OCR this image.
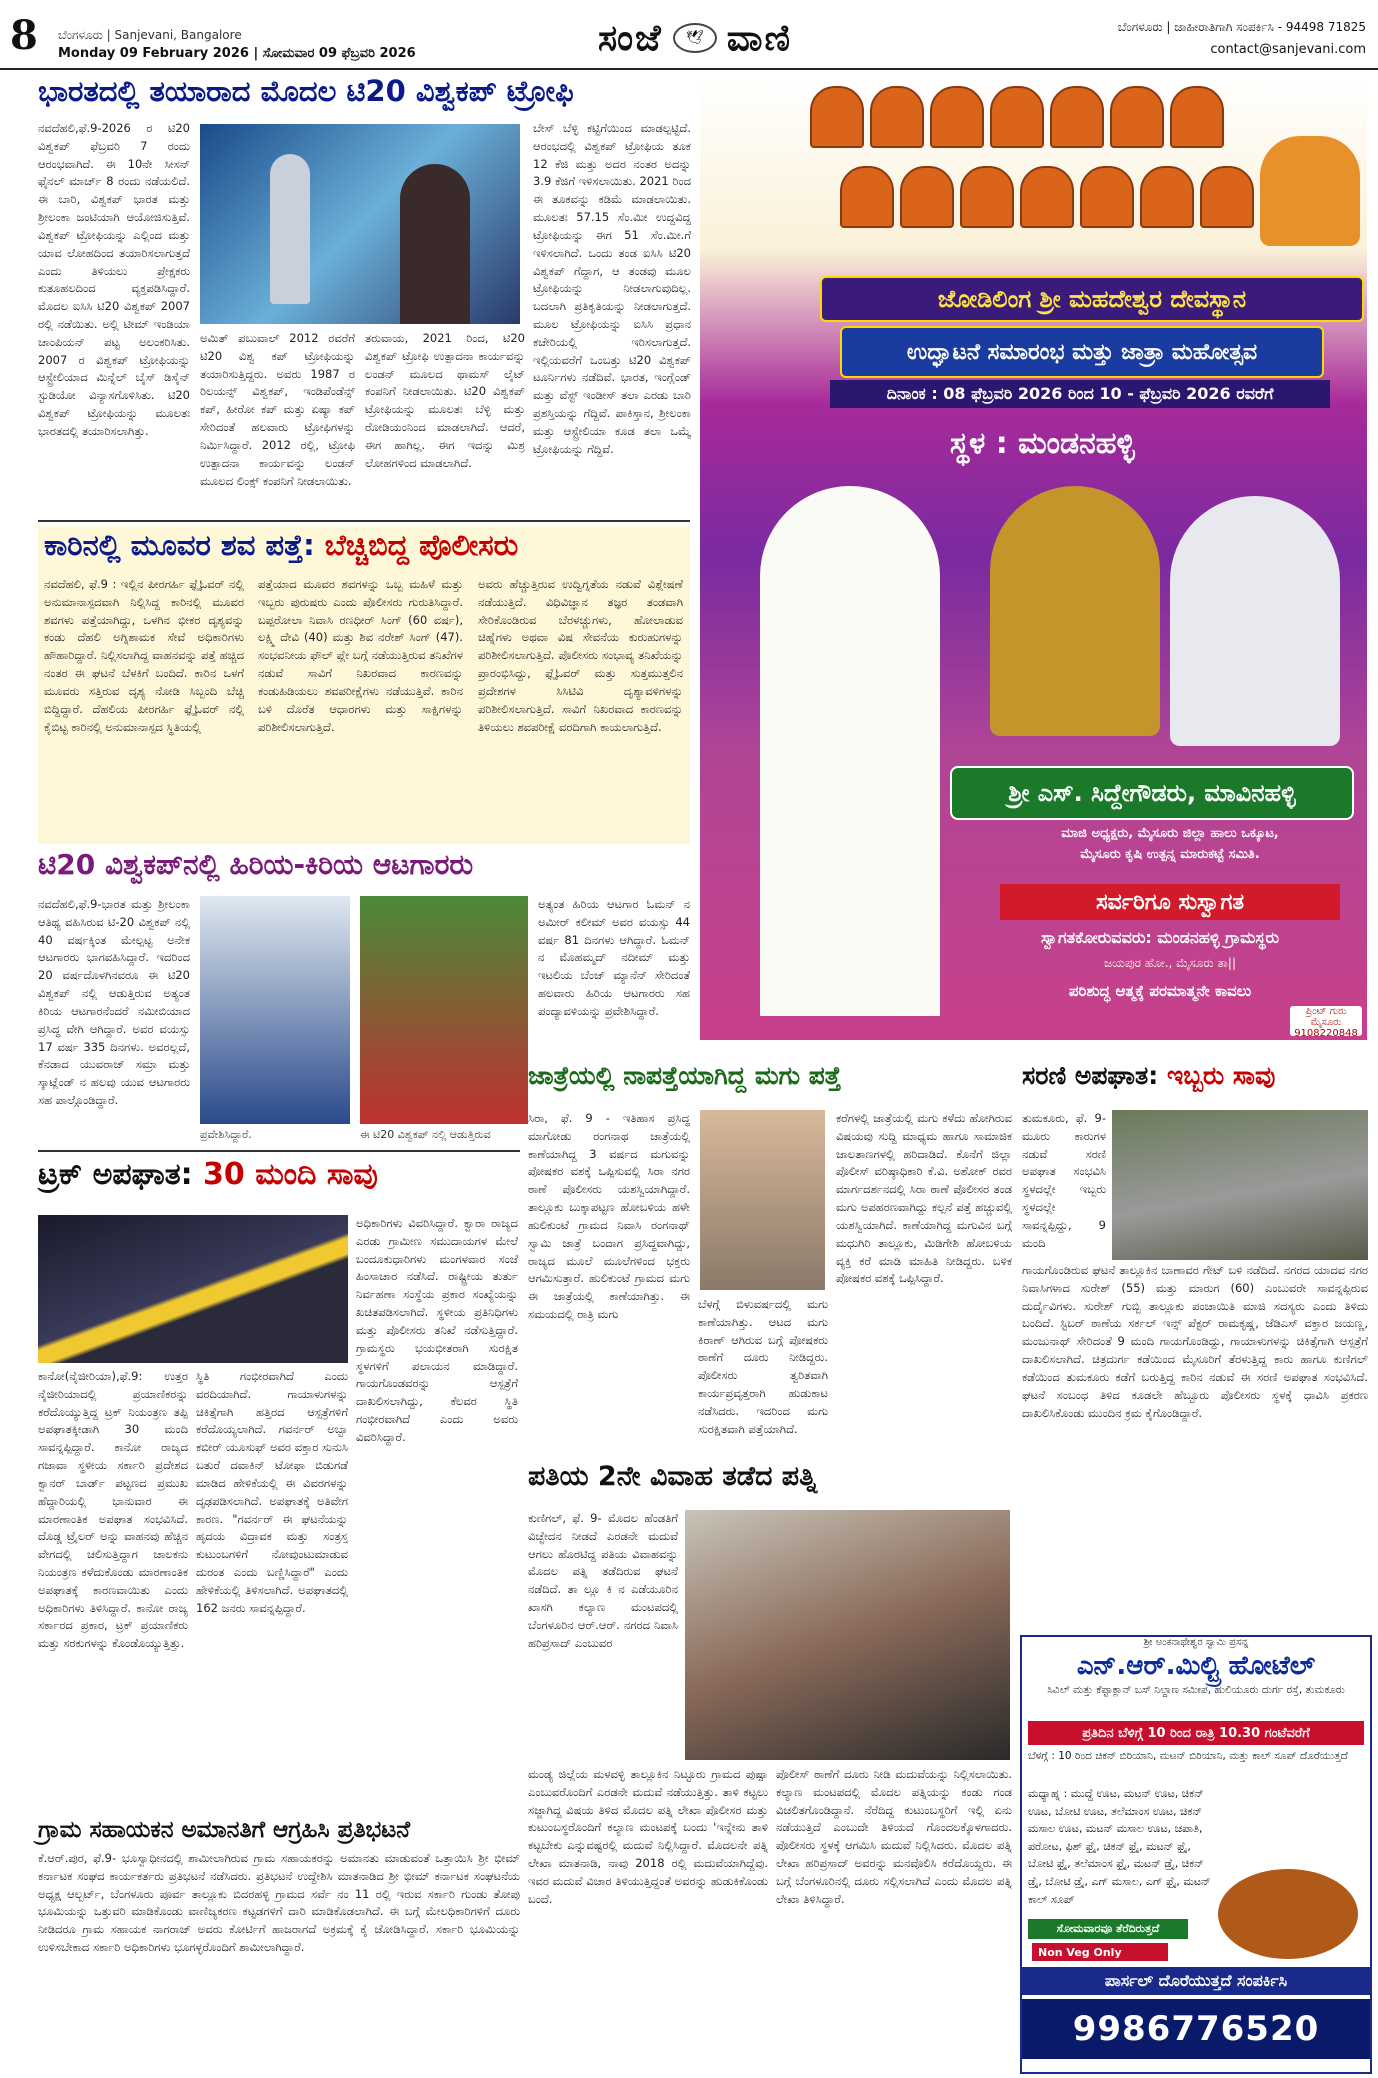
8 ಬೆಂಗಳೂರು | Sanjevani, Bangalore
Monday 09 February 2026 | ಸೋಮವಾರ 09 ಫೆಬ್ರವರಿ 2026	ಸಂಜೆ	🕊 ವಾಣಿ	ಬೆಂಗಳೂರು | ಜಾಹೀರಾತಿಗಾಗಿ ಸಂಪರ್ಕಿಸಿ - 94498 71825
contact@sanjevani.com
ಭಾರತದಲ್ಲಿ ತಯಾರಾದ ಮೊದಲ ಟಿ20 ವಿಶ್ವಕಪ್ ಟ್ರೋಫಿ
ನವದೆಹಲಿ,ಫೆ.9-2026 ರ ಟಿ20 ವಿಶ್ವಕಪ್ ಫೆಬ್ರವರಿ 7 ರಂದು ಆರಂಭವಾಗಿದೆ. ಈ 10ನೇ ಸೀಸನ್ ಫೈನಲ್ ಮಾರ್ಚ್ 8 ರಂದು ನಡೆಯಲಿದೆ. ಈ ಬಾರಿ, ವಿಶ್ವಕಪ್ ಭಾರತ ಮತ್ತು ಶ್ರೀಲಂಕಾ ಜಂಟಿಯಾಗಿ ಆಯೋಜಿಸುತ್ತಿವೆ. ವಿಶ್ವಕಪ್ ಟ್ರೋಫಿಯನ್ನು ಎಲ್ಲಿಂದ ಮತ್ತು ಯಾವ ಲೋಹದಿಂದ ತಯಾರಿಸಲಾಗುತ್ತದೆ ಎಂದು ತಿಳಿಯಲು ಪ್ರೇಕ್ಷಕರು ಕುತೂಹಲದಿಂದ ವ್ಯಕ್ತಪಡಿಸಿದ್ದಾರೆ. ಮೊದಲ ಐಸಿಸಿ ಟಿ20 ವಿಶ್ವಕಪ್ 2007 ರಲ್ಲಿ ನಡೆಯಿತು. ಅಲ್ಲಿ ಟೀಮ್ ಇಂಡಿಯಾ ಚಾಂಪಿಯನ್ ಪಟ್ಟ ಅಲಂಕರಿಸಿತು. 2007 ರ ವಿಶ್ವಕಪ್ ಟ್ರೋಫಿಯನ್ನು ಆಸ್ಟ್ರೇಲಿಯಾದ ಮಿನ್ನೆಲ್ ಬೈಸ್ ಡಿಸೈನ್ ಸ್ಟುಡಿಯೋ ವಿನ್ಯಾಸಗೊಳಿಸಿತು. ಟಿ20 ವಿಶ್ವಕಪ್ ಟ್ರೋಫಿಯನ್ನು ಮೂಲತಃ ಭಾರತದಲ್ಲಿ ತಯಾರಿಸಲಾಗಿತ್ತು.
ಅಮಿತ್ ಪಬುವಾಲ್ 2012 ರವರೆಗೆ ಟಿ20 ವಿಶ್ವ ಕಪ್ ಟ್ರೋಫಿಯನ್ನು ತಯಾರಿಸುತ್ತಿದ್ದರು. ಅವರು 1987 ರ ರಿಲಯನ್ಸ್ ವಿಶ್ವಕಪ್, ಇಂಡಿಪೆಂಡೆನ್ಸ್ ಕಪ್, ಹೀರೋ ಕಪ್ ಮತ್ತು ಏಷ್ಯಾ ಕಪ್ ಸೇರಿದಂತೆ ಹಲವಾರು ಟ್ರೋಫಿಗಳನ್ನು ನಿರ್ಮಿಸಿದ್ದಾರೆ. 2012 ರಲ್ಲಿ, ಟ್ರೋಫಿ ಉತ್ಪಾದನಾ ಕಾರ್ಯವನ್ನು ಲಂಡನ್ ಮೂಲದ ಲಿಂಕ್ಸ್ ಕಂಪನಿಗೆ ನೀಡಲಾಯಿತು.
ತರುವಾಯ, 2021 ರಿಂದ, ಟಿ20 ವಿಶ್ವಕಪ್ ಟ್ರೋಫಿ ಉತ್ಪಾದನಾ ಕಾರ್ಯವನ್ನು ಲಂಡನ್ ಮೂಲದ ಥಾಮಸ್ ಲೈಟ್ ಕಂಪನಿಗೆ ನೀಡಲಾಯಿತು. ಟಿ20 ವಿಶ್ವಕಪ್ ಟ್ರೋಫಿಯನ್ನು ಮೂಲತಃ ಬೆಳ್ಳಿ ಮತ್ತು ರೋಡಿಯಂನಿಂದ ಮಾಡಲಾಗಿದೆ. ಆದರೆ, ಈಗ ಹಾಗಿಲ್ಲ. ಈಗ ಇದನ್ನು ಮಿಶ್ರ ಲೋಹಗಳಿಂದ ಮಾಡಲಾಗಿದೆ.
ಬೇಸ್ ಬೆಳ್ಳಿ ಕಟ್ಟಿಗೆಯಿಂದ ಮಾಡಲ್ಪಟ್ಟಿದೆ. ಆರಂಭದಲ್ಲಿ ವಿಶ್ವಕಪ್ ಟ್ರೋಫಿಯ ತೂಕ 12 ಕೆಜಿ ಮತ್ತು ಅದರ ನಂತರ ಅದನ್ನು 3.9 ಕೆಜಿಗೆ ಇಳಿಸಲಾಯಿತು. 2021 ರಿಂದ ಈ ತೂಕವನ್ನು ಕಡಿಮೆ ಮಾಡಲಾಯಿತು. ಮೂಲತಃ 57.15 ಸೆಂ.ಮೀ ಉದ್ದವಿದ್ದ ಟ್ರೋಫಿಯನ್ನು ಈಗ 51 ಸೆಂ.ಮೀ.ಗೆ ಇಳಿಸಲಾಗಿದೆ. ಒಂದು ತಂಡ ಐಸಿಸಿ ಟಿ20 ವಿಶ್ವಕಪ್ ಗೆದ್ದಾಗ, ಆ ತಂಡವು ಮೂಲ ಟ್ರೋಫಿಯನ್ನು ನೀಡಲಾಗುವುದಿಲ್ಲ. ಬದಲಾಗಿ ಪ್ರತಿಕೃತಿಯನ್ನು ನೀಡಲಾಗುತ್ತದೆ. ಮೂಲ ಟ್ರೋಫಿಯನ್ನು ಐಸಿಸಿ ಪ್ರಧಾನ ಕಚೇರಿಯಲ್ಲಿ ಇರಿಸಲಾಗುತ್ತದೆ. ಇಲ್ಲಿಯವರೆಗೆ ಒಂಬತ್ತು ಟಿ20 ವಿಶ್ವಕಪ್ ಟೂರ್ನಿಗಳು ನಡೆದಿವೆ. ಭಾರತ, ಇಂಗ್ಲೆಂಡ್ ಮತ್ತು ವೆಸ್ಟ್ ಇಂಡೀಸ್ ತಲಾ ಎರಡು ಬಾರಿ ಪ್ರಶಸ್ತಿಯನ್ನು ಗೆದ್ದಿವೆ. ಪಾಕಿಸ್ತಾನ, ಶ್ರೀಲಂಕಾ ಮತ್ತು ಆಸ್ಟ್ರೇಲಿಯಾ ಕೂಡ ತಲಾ ಒಮ್ಮೆ ಟ್ರೋಫಿಯನ್ನು ಗೆದ್ದಿವೆ.
ಕಾರಿನಲ್ಲಿ ಮೂವರ ಶವ ಪತ್ತೆ: ಬೆಚ್ಚಿಬಿದ್ದ ಪೊಲೀಸರು
ನವದೆಹಲಿ, ಫೆ.9 : ಇಲ್ಲಿನ ಪೀರಗರ್ಹಿ ಫ್ಲೈಓವರ್ ನಲ್ಲಿ ಅನುಮಾನಾಸ್ಪದವಾಗಿ ನಿಲ್ಲಿಸಿದ್ದ ಕಾರಿನಲ್ಲಿ ಮೂವರ ಶವಗಳು ಪತ್ತೆಯಾಗಿದ್ದು, ಒಳಗಿನ ಭೀಕರ ದೃಶ್ಯವನ್ನು ಕಂಡು ದೆಹಲಿ ಅಗ್ನಿಶಾಮಕ ಸೇವೆ ಅಧಿಕಾರಿಗಳು ಹೌಹಾರಿದ್ದಾರೆ. ನಿಲ್ಲಿಸಲಾಗಿದ್ದ ವಾಹನವನ್ನು ಪತ್ತೆ ಹಚ್ಚಿದ ನಂತರ ಈ ಘಟನೆ ಬೆಳಕಿಗೆ ಬಂದಿದೆ. ಕಾರಿನ ಒಳಗೆ ಮೂವರು ಸತ್ತಿರುವ ದೃಶ್ಯ ನೋಡಿ ಸಿಬ್ಬಂದಿ ಬೆಚ್ಚಿ ಬಿದ್ದಿದ್ದಾರೆ. ದೆಹಲಿಯ ಪೀರಗರ್ಹಿ ಫ್ಲೈಓವರ್ ನಲ್ಲಿ ಕೈಬಿಟ್ಟ ಕಾರಿನಲ್ಲಿ ಅನುಮಾನಾಸ್ಪದ ಸ್ಥಿತಿಯಲ್ಲಿ
ಪತ್ತೆಯಾದ ಮೂವರ ಶವಗಳನ್ನು ಒಬ್ಬ ಮಹಿಳೆ ಮತ್ತು ಇಬ್ಬರು ಪುರುಷರು ಎಂದು ಪೊಲೀಸರು ಗುರುತಿಸಿದ್ದಾರೆ. ಬಪ್ಪರೋಲಾ ನಿವಾಸಿ ರಣಧೀರ್ ಸಿಂಗ್ (60 ವರ್ಷ), ಲಕ್ಷ್ಮಿ ದೇವಿ (40) ಮತ್ತು ಶಿವ ನರೇಶ್ ಸಿಂಗ್ (47). ಸಂಭವನೀಯ ಫೌಲ್ ಪ್ಲೇ ಬಗ್ಗೆ ನಡೆಯುತ್ತಿರುವ ತನಿಖೆಗಳ ನಡುವೆ ಸಾವಿಗೆ ನಿಖರವಾದ ಕಾರಣವನ್ನು ಕಂಡುಹಿಡಿಯಲು ಶವಪರೀಕ್ಷೆಗಳು ನಡೆಯುತ್ತಿವೆ. ಕಾರಿನ ಬಳಿ ದೊರೆತ ಆಧಾರಗಳು ಮತ್ತು ಸಾಕ್ಷಿಗಳನ್ನು ಪರಿಶೀಲಿಸಲಾಗುತ್ತಿದೆ.
ಅವರು ಹೆಚ್ಚುತ್ತಿರುವ ಉದ್ವಿಗ್ನತೆಯ ನಡುವೆ ವಿಶ್ಲೇಷಣೆ ನಡೆಯುತ್ತಿದೆ. ವಿಧಿವಿಜ್ಞಾನ ತಜ್ಞರ ತಂಡವಾಗಿ ಸೇರಿಕೊಂಡಿರುವ ಬೆರಳಚ್ಚುಗಳು, ಹೋಲಾಡುವ ಚಿಹ್ನೆಗಳು ಅಥವಾ ವಿಷ ಸೇವನೆಯ ಕುರುಹುಗಳನ್ನು ಪರಿಶೀಲಿಸಲಾಗುತ್ತಿದೆ. ಪೊಲೀಸರು ಸಂಭಾವ್ಯ ತನಿಖೆಯನ್ನು ಪ್ರಾರಂಭಿಸಿದ್ದು, ಫ್ಲೈಓವರ್ ಮತ್ತು ಸುತ್ತಮುತ್ತಲಿನ ಪ್ರದೇಶಗಳ ಸಿಸಿಟಿವಿ ದೃಶ್ಯಾವಳಿಗಳನ್ನು ಪರಿಶೀಲಿಸಲಾಗುತ್ತಿದೆ. ಸಾವಿಗೆ ನಿಖರವಾದ ಕಾರಣವನ್ನು ತಿಳಿಯಲು ಶವಪರೀಕ್ಷೆ ವರದಿಗಾಗಿ ಕಾಯಲಾಗುತ್ತಿದೆ.
ಟಿ20 ವಿಶ್ವಕಪ್‌ನಲ್ಲಿ ಹಿರಿಯ-ಕಿರಿಯ ಆಟಗಾರರು
ನವದೆಹಲಿ,ಫೆ.9-ಭಾರತ ಮತ್ತು ಶ್ರೀಲಂಕಾ ಆತಿಥ್ಯ ವಹಿಸಿರುವ ಟಿ-20 ವಿಶ್ವಕಪ್ ನಲ್ಲಿ 40 ವರ್ಷಕ್ಕಿಂತ ಮೇಲ್ಪಟ್ಟ ಅನೇಕ ಆಟಗಾರರು ಭಾಗವಹಿಸಿದ್ದಾರೆ. ಇದರಿಂದ 20 ವರ್ಷದೊಳಗಿನವರೂ ಈ ಟಿ20 ವಿಶ್ವಕಪ್ ನಲ್ಲಿ ಆಡುತ್ತಿರುವ ಅತ್ಯಂತ ಕಿರಿಯ ಆಟಗಾರನೆಂದರೆ ನಮೀಬಿಯಾದ ಪ್ರಸಿದ್ಧ ವೇಗಿ ಆಗಿದ್ದಾರೆ. ಅವರ ವಯಸ್ಸು 17 ವರ್ಷ 335 ದಿನಗಳು. ಅವರಲ್ಲದೆ, ಕೆನಡಾದ ಯುವರಾಜ್ ಸಮ್ರಾ ಮತ್ತು ಸ್ಕಾಟ್ಲೆಂಡ್ ನ ಹಲವು ಯುವ ಆಟಗಾರರು ಸಹ ಪಾಲ್ಗೊಂಡಿದ್ದಾರೆ.
ಪ್ರವೇಶಿಸಿದ್ದಾರೆ.	ಈ ಟಿ20 ವಿಶ್ವಕಪ್ ನಲ್ಲಿ ಆಡುತ್ತಿರುವ
ಅತ್ಯಂತ ಹಿರಿಯ ಆಟಗಾರ ಓಮನ್ ನ ಅಮೀರ್ ಕಲೀಮ್ ಅವರ ವಯಸ್ಸು 44 ವರ್ಷ 81 ದಿನಗಳು ಆಗಿದ್ದಾರೆ. ಓಮನ್ ನ ಮೊಹಮ್ಮದ್ ನದೀಮ್ ಮತ್ತು ಇಟಲಿಯ ಬೆಂಜ್ ಮ್ಯಾನೆನ್ ಸೇರಿದಂತೆ ಹಲವಾರು ಹಿರಿಯ ಆಟಗಾರರು ಸಹ ಪಂದ್ಯಾವಳಿಯನ್ನು ಪ್ರವೇಶಿಸಿದ್ದಾರೆ.
ಟ್ರಕ್ ಅಪಘಾತ: 30 ಮಂದಿ ಸಾವು
ಕಾನೋ(ನೈಜೀರಿಯಾ),ಫೆ.9: ಉತ್ತರ ನೈಜೀರಿಯಾದಲ್ಲಿ ಪ್ರಯಾಣಿಕರನ್ನು ಕರೆದೊಯ್ಯುತ್ತಿದ್ದ ಟ್ರಕ್ ನಿಯಂತ್ರಣ ತಪ್ಪಿ ಅಪಘಾತಕ್ಕೀಡಾಗಿ 30 ಮಂದಿ ಸಾವನ್ನಪ್ಪಿದ್ದಾರೆ. ಕಾನೋ ರಾಜ್ಯದ ಗಜಾವಾ ಸ್ಥಳೀಯ ಸರ್ಕಾರಿ ಪ್ರದೇಶದ ಕ್ವಾನರ್ ಬಾರ್ಡ್ ಪಟ್ಟಣದ ಪ್ರಮುಖ ಹೆದ್ದಾರಿಯಲ್ಲಿ ಭಾನುವಾರ ಈ ಮಾರಣಾಂತಿಕ ಅಪಘಾತ ಸಂಭವಿಸಿದೆ. ದೊಡ್ಡ ಟ್ರೈಲರ್ ಅನ್ನು ವಾಹನವು ಹೆಚ್ಚಿನ ವೇಗದಲ್ಲಿ ಚಲಿಸುತ್ತಿದ್ದಾಗ ಚಾಲಕನು ನಿಯಂತ್ರಣ ಕಳೆದುಕೊಂಡು ಮಾರಣಾಂತಿಕ ಅಪಘಾತಕ್ಕೆ ಕಾರಣವಾಯಿತು ಎಂದು ಅಧಿಕಾರಿಗಳು ತಿಳಿಸಿದ್ದಾರೆ. ಕಾನೋ ರಾಜ್ಯ ಸರ್ಕಾರದ ಪ್ರಕಾರ, ಟ್ರಕ್ ಪ್ರಯಾಣಿಕರು ಮತ್ತು ಸರಕುಗಳನ್ನು ಕೊಂಡೊಯ್ಯುತ್ತಿತ್ತು.
ಸ್ಥಿತಿ ಗಂಭೀರವಾಗಿದೆ ಎಂದು ವರದಿಯಾಗಿದೆ. ಗಾಯಾಳುಗಳನ್ನು ಚಿಕಿತ್ಸೆಗಾಗಿ ಹತ್ತಿರದ ಆಸ್ಪತ್ರೆಗಳಿಗೆ ಕರೆದೊಯ್ಯಲಾಗಿದೆ. ಗವರ್ನರ್ ಅಬ್ಬಾ ಕಬೀರ್ ಯೂಸುಫ್ ಅವರ ವಕ್ತಾರ ಸುನುಸಿ ಬತುರೆ ದವಾಕಿನ್ ಟೋಫಾ ಬಿಡುಗಡೆ ಮಾಡಿದ ಹೇಳಿಕೆಯಲ್ಲಿ ಈ ವಿವರಗಳನ್ನು ದೃಢಪಡಿಸಲಾಗಿದೆ. ಅಪಘಾತಕ್ಕೆ ಅತಿವೇಗ ಕಾರಣ. "ಗವರ್ನರ್ ಈ ಘಟನೆಯನ್ನು ಹೃದಯ ವಿದ್ರಾವಕ ಮತ್ತು ಸಂತ್ರಸ್ತ ಕುಟುಂಬಗಳಿಗೆ ನೋವುಂಟುಮಾಡುವ ದುರಂತ ಎಂದು ಬಣ್ಣಿಸಿದ್ದಾರೆ" ಎಂದು ಹೇಳಿಕೆಯಲ್ಲಿ ತಿಳಿಸಲಾಗಿದೆ. ಅಪಘಾತದಲ್ಲಿ 162 ಜನರು ಸಾವನ್ನಪ್ಪಿದ್ದಾರೆ.
ಅಧಿಕಾರಿಗಳು ವಿವರಿಸಿದ್ದಾರೆ. ಕ್ವಾರಾ ರಾಜ್ಯದ ಎರಡು ಗ್ರಾಮೀಣ ಸಮುದಾಯಗಳ ಮೇಲೆ ಬಂದೂಕುಧಾರಿಗಳು ಮಂಗಳವಾರ ಸಂಜೆ ಹಿಂಸಾಚಾರ ನಡೆಸಿದೆ. ರಾಷ್ಟ್ರೀಯ ತುರ್ತು ನಿರ್ವಹಣಾ ಸಂಸ್ಥೆಯ ಪ್ರಕಾರ ಸಂಖ್ಯೆಯನ್ನು ಖಚಿತಪಡಿಸಲಾಗಿದೆ. ಸ್ಥಳೀಯ ಪ್ರತಿನಿಧಿಗಳು ಮತ್ತು ಪೊಲೀಸರು ತನಿಖೆ ನಡೆಸುತ್ತಿದ್ದಾರೆ. ಗ್ರಾಮಸ್ಥರು ಭಯಭೀತರಾಗಿ ಸುರಕ್ಷಿತ ಸ್ಥಳಗಳಿಗೆ ಪಲಾಯನ ಮಾಡಿದ್ದಾರೆ. ಗಾಯಗೊಂಡವರನ್ನು ಆಸ್ಪತ್ರೆಗೆ ದಾಖಲಿಸಲಾಗಿದ್ದು, ಕೆಲವರ ಸ್ಥಿತಿ ಗಂಭೀರವಾಗಿದೆ ಎಂದು ಅವರು ವಿವರಿಸಿದ್ದಾರೆ.
ಗ್ರಾಮ ಸಹಾಯಕನ ಅಮಾನತಿಗೆ ಆಗ್ರಹಿಸಿ ಪ್ರತಿಭಟನೆ
ಕೆ.ಆರ್.ಪುರ, ಫೆ.9- ಭೂಸ್ವಾಧೀನದಲ್ಲಿ ಶಾಮೀಲಾಗಿರುವ ಗ್ರಾಮ ಸಹಾಯಕರನ್ನು ಅಮಾನತು ಮಾಡುವಂತೆ ಒತ್ತಾಯಿಸಿ ಶ್ರೀ ಭೀಮ್ ಕರ್ನಾಟಕ ಸಂಘದ ಕಾರ್ಯಕರ್ತರು ಪ್ರತಿಭಟನೆ ನಡೆಸಿದರು. ಪ್ರತಿಭಟನೆ ಉದ್ದೇಶಿಸಿ ಮಾತನಾಡಿದ ಶ್ರೀ ಭೀಮ್ ಕರ್ನಾಟಕ ಸಂಘಟನೆಯ ಅಧ್ಯಕ್ಷ ಆಲ್ಬರ್ಟ್, ಬೆಂಗಳೂರು ಪೂರ್ವ ತಾಲ್ಲೂಕು ಬಿದರಹಳ್ಳಿ ಗ್ರಾಮದ ಸರ್ವೆ ನಂ 11 ರಲ್ಲಿ ಇರುವ ಸರ್ಕಾರಿ ಗುಂಡು ತೋಪು ಭೂಮಿಯನ್ನು ಒತ್ತುವರಿ ಮಾಡಿಕೊಂಡು ವಾಣಿಜ್ಯಕರಣ ಕಟ್ಟಡಗಳಿಗೆ ದಾರಿ ಮಾಡಿಕೊಡಲಾಗಿದೆ. ಈ ಬಗ್ಗೆ ಮೇಲಧಿಕಾರಿಗಳಿಗೆ ದೂರು ನೀಡಿದರೂ ಗ್ರಾಮ ಸಹಾಯಕ ನಾಗರಾಜ್ ಅವರು ಕೋರ್ಟಿಗೆ ಹಾಜರಾಗದೆ ಅಕ್ರಮಕ್ಕೆ ಕೈ ಜೋಡಿಸಿದ್ದಾರೆ. ಸರ್ಕಾರಿ ಭೂಮಿಯನ್ನು ಉಳಿಸಬೇಕಾದ ಸರ್ಕಾರಿ ಅಧಿಕಾರಿಗಳು ಭೂಗಳ್ಳರೊಂದಿಗೆ ಶಾಮೀಲಾಗಿದ್ದಾರೆ.
ಜೋಡಿಲಿಂಗ ಶ್ರೀ ಮಹದೇಶ್ವರ ದೇವಸ್ಥಾನ
ಉದ್ಘಾಟನೆ ಸಮಾರಂಭ ಮತ್ತು ಜಾತ್ರಾ ಮಹೋತ್ಸವ
ದಿನಾಂಕ : 08 ಫೆಬ್ರವರಿ 2026 ರಿಂದ 10 - ಫೆಬ್ರವರಿ 2026 ರವರೆಗೆ
ಸ್ಥಳ : ಮಂಡನಹಳ್ಳಿ
ಶ್ರೀ ಎಸ್. ಸಿದ್ದೇಗೌಡರು, ಮಾವಿನಹಳ್ಳಿ
ಮಾಜಿ ಅಧ್ಯಕ್ಷರು, ಮೈಸೂರು ಜಿಲ್ಲಾ ಹಾಲು ಒಕ್ಕೂಟ,
ಮೈಸೂರು ಕೃಷಿ ಉತ್ಪನ್ನ ಮಾರುಕಟ್ಟೆ ಸಮಿತಿ.
ಸರ್ವರಿಗೂ ಸುಸ್ವಾಗತ
ಸ್ವಾಗತಕೋರುವವರು: ಮಂಡನಹಳ್ಳಿ ಗ್ರಾಮಸ್ಥರು
ಜಯಪುರ ಹೋ., ಮೈಸೂರು ತಾ||
ಪರಿಶುದ್ಧ ಆತ್ಮಕ್ಕೆ ಪರಮಾತ್ಮನೇ ಕಾವಲು
ಪ್ರಿಂಟ್ ಗುರು ಮೈಸೂರು 9108220848
ಜಾತ್ರೆಯಲ್ಲಿ ನಾಪತ್ತೆಯಾಗಿದ್ದ ಮಗು ಪತ್ತೆ
ಸಿರಾ, ಫೆ. 9 - ಇತಿಹಾಸ ಪ್ರಸಿದ್ಧ ಮಾಗೋಡು ರಂಗನಾಥ ಜಾತ್ರೆಯಲ್ಲಿ ಕಾಣೆಯಾಗಿದ್ದ 3 ವರ್ಷದ ಮಗುವನ್ನು ಪೋಷಕರ ವಶಕ್ಕೆ ಒಪ್ಪಿಸುವಲ್ಲಿ ಸಿರಾ ನಗರ ಠಾಣೆ ಪೊಲೀಸರು ಯಶಸ್ವಿಯಾಗಿದ್ದಾರೆ. ತಾಲ್ಲೂಕು ಬುಕ್ಕಾಪಟ್ಟಣ ಹೋಬಳಿಯ ಹಳೇ ಹುಲಿಕುಂಟೆ ಗ್ರಾಮದ ನಿವಾಸಿ ರಂಗನಾಥ್ ಸ್ವಾಮಿ ಜಾತ್ರೆ ಬಂದಾಗ ಪ್ರಸಿದ್ಧವಾಗಿದ್ದು, ರಾಜ್ಯದ ಮೂಲೆ ಮೂಲೆಗಳಿಂದ ಭಕ್ತರು ಆಗಮಿಸುತ್ತಾರೆ. ಹುಲಿಕುಂಟೆ ಗ್ರಾಮದ ಮಗು ಈ ಜಾತ್ರೆಯಲ್ಲಿ ಕಾಣೆಯಾಗಿತ್ತು. ಈ ಸಮಯದಲ್ಲಿ ರಾತ್ರಿ ಮಗು
ಬೆಳಗ್ಗೆ ಬಿಳುವರ್ಷದಲ್ಲಿ ಮಗು ಕಾಣೆಯಾಗಿತ್ತು. ಆಟದ ಮಗು ಕಿರಾಣ್ ಆಗಿರುವ ಬಗ್ಗೆ ಪೋಷಕರು ಠಾಣೆಗೆ ದೂರು ನೀಡಿದ್ದರು. ಪೊಲೀಸರು ತ್ವರಿತವಾಗಿ ಕಾರ್ಯಪ್ರವೃತ್ತರಾಗಿ ಹುಡುಕಾಟ ನಡೆಸಿದರು. ಇದರಿಂದ ಮಗು ಸುರಕ್ಷಿತವಾಗಿ ಪತ್ತೆಯಾಗಿದೆ.
ಕರೆಗಳಲ್ಲಿ ಜಾತ್ರೆಯಲ್ಲಿ ಮಗು ಕಳೆದು ಹೋಗಿರುವ ವಿಷಯವು ಸುದ್ದಿ ಮಾಧ್ಯಮ ಹಾಗೂ ಸಾಮಾಜಿಕ ಜಾಲತಾಣಗಳಲ್ಲಿ ಹರಿದಾಡಿದೆ. ಕೊನೆಗೆ ಜಿಲ್ಲಾ ಪೊಲೀಸ್ ವರಿಷ್ಠಾಧಿಕಾರಿ ಕೆ.ವಿ. ಅಶೋಕ್ ರವರ ಮಾರ್ಗದರ್ಶನದಲ್ಲಿ ಸಿರಾ ಠಾಣೆ ಪೊಲೀಸರ ತಂಡ ಮಗು ಅಪಹರಣವಾಗಿದ್ದು ಕಲ್ಪನೆ ಪತ್ತೆ ಹಚ್ಚುವಲ್ಲಿ ಯಶಸ್ವಿಯಾಗಿದೆ. ಕಾಣೆಯಾಗಿದ್ದ ಮಗುವಿನ ಬಗ್ಗೆ ಮಧುಗಿರಿ ತಾಲ್ಲೂಕು, ಮಿಡಿಗೇಶಿ ಹೋಬಳಿಯ ವ್ಯಕ್ತಿ ಕರೆ ಮಾಡಿ ಮಾಹಿತಿ ನೀಡಿದ್ದರು. ಬಳಿಕ ಪೋಷಕರ ವಶಕ್ಕೆ ಒಪ್ಪಿಸಿದ್ದಾರೆ.
ಪತಿಯ 2ನೇ ವಿವಾಹ ತಡೆದ ಪತ್ನಿ
ಕುಣಿಗಲ್, ಫೆ. 9- ಮೊದಲ ಹೆಂಡತಿಗೆ ವಿಚ್ಛೇದನ ನೀಡದೆ ಎರಡನೇ ಮದುವೆ ಆಗಲು ಹೊರಟಿದ್ದ ಪತಿಯ ವಿವಾಹವನ್ನು ಮೊದಲ ಪತ್ನಿ ತಡೆದಿರುವ ಘಟನೆ ನಡೆದಿದೆ. ತಾ ಲ್ಲೂ ಕಿ ನ ಎಡೆಯೂರಿನ ಖಾಸಗಿ ಕಲ್ಯಾಣ ಮಂಟಪದಲ್ಲಿ ಬೆಂಗಳೂರಿನ ಆರ್.ಆರ್. ನಗರದ ನಿವಾಸಿ ಹರಿಪ್ರಸಾದ್ ಎಂಬುವರ
ಮಂಡ್ಯ ಜಿಲ್ಲೆಯ ಮಳವಳ್ಳಿ ತಾಲ್ಲೂಕಿನ ನಿಟ್ಟೂರು ಗ್ರಾಮದ ಪುಷ್ಪಾ ಎಂಬುವರೊಂದಿಗೆ ಎರಡನೇ ಮದುವೆ ನಡೆಯುತ್ತಿತ್ತು. ತಾಳಿ ಕಟ್ಟಲು ಸಜ್ಜಾಗಿದ್ದ ವಿಷಯ ತಿಳಿದ ಮೊದಲ ಪತ್ನಿ ಲೇಖಾ ಪೊಲೀಸರ ಮತ್ತು ಕುಟುಂಬಸ್ಥರೊಂದಿಗೆ ಕಲ್ಯಾಣ ಮಂಟಪಕ್ಕೆ ಬಂದು 'ಇನ್ನೇನು ತಾಳಿ ಕಟ್ಟಬೇಕು ಎನ್ನುವಷ್ಟರಲ್ಲಿ ಮದುವೆ ನಿಲ್ಲಿಸಿದ್ದಾರೆ. ಮೊದಲನೇ ಪತ್ನಿ ಲೇಖಾ ಮಾತನಾಡಿ, ನಾವು 2018 ರಲ್ಲಿ ಮದುವೆಯಾಗಿದ್ದೆವು. ಇವರ ಮದುವೆ ವಿಚಾರ ತಿಳಿಯುತ್ತಿದ್ದಂತೆ ಅವರನ್ನು ಹುಡುಕಿಕೊಂಡು ಬಂದೆ.
ಪೊಲೀಸ್ ಠಾಣೆಗೆ ದೂರು ನೀಡಿ ಮದುವೆಯನ್ನು ನಿಲ್ಲಿಸಲಾಯಿತು. ಕಲ್ಯಾಣ ಮಂಟಪದಲ್ಲಿ ಮೊದಲ ಪತ್ನಿಯನ್ನು ಕಂಡು ಗಂಡ ವಿಚಲಿತಗೊಂಡಿದ್ದಾನೆ. ನೆರೆದಿದ್ದ ಕುಟುಂಬಸ್ಥರಿಗೆ ಇಲ್ಲಿ ಏನು ನಡೆಯುತ್ತಿದೆ ಎಂಬುದೇ ತಿಳಿಯದೆ ಗೊಂದಲಕ್ಕೊಳಗಾದರು. ಪೊಲೀಸರು ಸ್ಥಳಕ್ಕೆ ಆಗಮಿಸಿ ಮದುವೆ ನಿಲ್ಲಿಸಿದರು. ಮೊದಲ ಪತ್ನಿ ಲೇಖಾ ಹರಿಪ್ರಸಾದ್ ಅವರನ್ನು ಮನವೊಲಿಸಿ ಕರೆದೊಯ್ದರು. ಈ ಬಗ್ಗೆ ಬೆಂಗಳೂರಿನಲ್ಲಿ ದೂರು ಸಲ್ಲಿಸಲಾಗಿದೆ ಎಂದು ಮೊದಲ ಪತ್ನಿ ಲೇಖಾ ತಿಳಿಸಿದ್ದಾರೆ.
ಸರಣಿ ಅಪಘಾತ: ಇಬ್ಬರು ಸಾವು
ತುಮಕೂರು, ಫೆ. 9- ಮೂರು ಕಾರುಗಳ ನಡುವೆ ಸರಣಿ ಅಪಘಾತ ಸಂಭವಿಸಿ ಸ್ಥಳದಲ್ಲೇ ಇಬ್ಬರು ಸ್ಥಳದಲ್ಲೇ ಸಾವನ್ನಪ್ಪಿದ್ದು, 9 ಮಂದಿ
ಗಾಯಗೊಂಡಿರುವ ಘಟನೆ ತಾಲ್ಲೂಕಿನ ಬಾಣಾವರ ಗೇಟ್ ಬಳಿ ನಡೆದಿದೆ. ನಗರದ ಯಾದವ ನಗರ ನಿವಾಸಿಗಳಾದ ಸುರೇಶ್ (55) ಮತ್ತು ಮಾರುಗ (60) ಎಂಬುವರೇ ಸಾವನ್ನಪ್ಪಿರುವ ದುರ್ದೈವಿಗಳು. ಸುರೇಶ್ ಗುಬ್ಬಿ ತಾಲ್ಲೂಕು ಪಂಚಾಯಿತಿ ಮಾಜಿ ಸದಸ್ಯರು ಎಂದು ತಿಳಿದು ಬಂದಿದೆ. ಸ್ಟಿಬರ್ ಠಾಣೆಯ ಸರ್ಕಲ್ ಇನ್ಸ್ ಪೆಕ್ಟರ್ ರಾಮಕೃಷ್ಣ, ಜೆಡಿಎಸ್ ವಕ್ತಾರ ಜಯಣ್ಣ, ಮಂಜುನಾಥ್ ಸೇರಿದಂತೆ 9 ಮಂದಿ ಗಾಯಗೊಂಡಿದ್ದು, ಗಾಯಾಳುಗಳನ್ನು ಚಿಕಿತ್ಸೆಗಾಗಿ ಆಸ್ಪತ್ರೆಗೆ ದಾಖಲಿಸಲಾಗಿದೆ. ಚಿತ್ರದುರ್ಗ ಕಡೆಯಿಂದ ಮೈಸೂರಿಗೆ ತೆರಳುತ್ತಿದ್ದ ಕಾರು ಹಾಗೂ ಕುಣಿಗಲ್ ಕಡೆಯಿಂದ ತುಮಕೂರು ಕಡೆಗೆ ಬರುತ್ತಿದ್ದ ಕಾರಿನ ನಡುವೆ ಈ ಸರಣಿ ಅಪಘಾತ ಸಂಭವಿಸಿದೆ. ಘಟನೆ ಸಂಬಂಧ ತಿಳಿದ ಕೂಡಲೇ ಹೆಬ್ಬೂರು ಪೊಲೀಸರು ಸ್ಥಳಕ್ಕೆ ಧಾವಿಸಿ ಪ್ರಕರಣ ದಾಖಲಿಸಿಕೊಂಡು ಮುಂದಿನ ಕ್ರಮ ಕೈಗೊಂಡಿದ್ದಾರೆ.
ಎನ್.ಆರ್.ಮಿಲ್ಟ್ರಿ ಹೋಟೆಲ್
ಶ್ರೀ ಅಂಕನಾಥೇಶ್ವರ ಸ್ವಾಮಿ ಪ್ರಸನ್ನ
ಸಿವಿಲ್ ಮತ್ತು ಕೆಪ್ಟಾಕ್ಲಾನ್ ಬಸ್ ನಿಲ್ದಾಣ ಸಮೀಪ, ಹುಲಿಯೂರು ದುರ್ಗ ರಸ್ತೆ, ತುಮಕೂರು
ಪ್ರತಿದಿನ ಬೆಳಿಗ್ಗೆ 10 ರಿಂದ ರಾತ್ರಿ 10.30 ಗಂಟೆವರೆಗೆ
ಬೆಳಗ್ಗೆ : 10 ರಿಂದ ಚಿಕನ್ ಬಿರಿಯಾನಿ, ಮಟನ್ ಬಿರಿಯಾನಿ, ಮತ್ತು ಕಾಲ್ ಸೂಪ್ ದೊರೆಯುತ್ತದೆ
ಮಧ್ಯಾಹ್ನ : ಮುದ್ದೆ ಊಟ, ಮಟನ್ ಊಟ, ಚಿಕನ್ ಊಟ, ಬೋಟಿ ಊಟ, ತಲೆಮಾಂಸ ಊಟ, ಚಿಕನ್ ಮಸಾಲ ಊಟ, ಮಟನ್ ಮಸಾಲ ಊಟ, ಚಪಾತಿ, ಪರೋಟ, ಫಿಶ್ ಫ್ರೈ, ಚಿಕನ್ ಫ್ರೈ, ಮಟನ್ ಫ್ರೈ, ಬೋಟಿ ಫ್ರೈ, ತಲೆಮಾಂಸ ಫ್ರೈ, ಮಟನ್ ಡ್ರೈ, ಚಿಕನ್ ಡ್ರೈ, ಬೋಟಿ ಡ್ರೈ, ಎಗ್ ಮಸಾಲ, ಎಗ್ ಫ್ರೈ, ಮಟನ್ ಕಾಲ್ ಸೂಪ್
ಸೋಮವಾರವೂ ತೆರೆದಿರುತ್ತದೆ
Non Veg Only
ಪಾರ್ಸಲ್ ದೊರೆಯುತ್ತದೆ ಸಂಪರ್ಕಿಸಿ
9986776520
